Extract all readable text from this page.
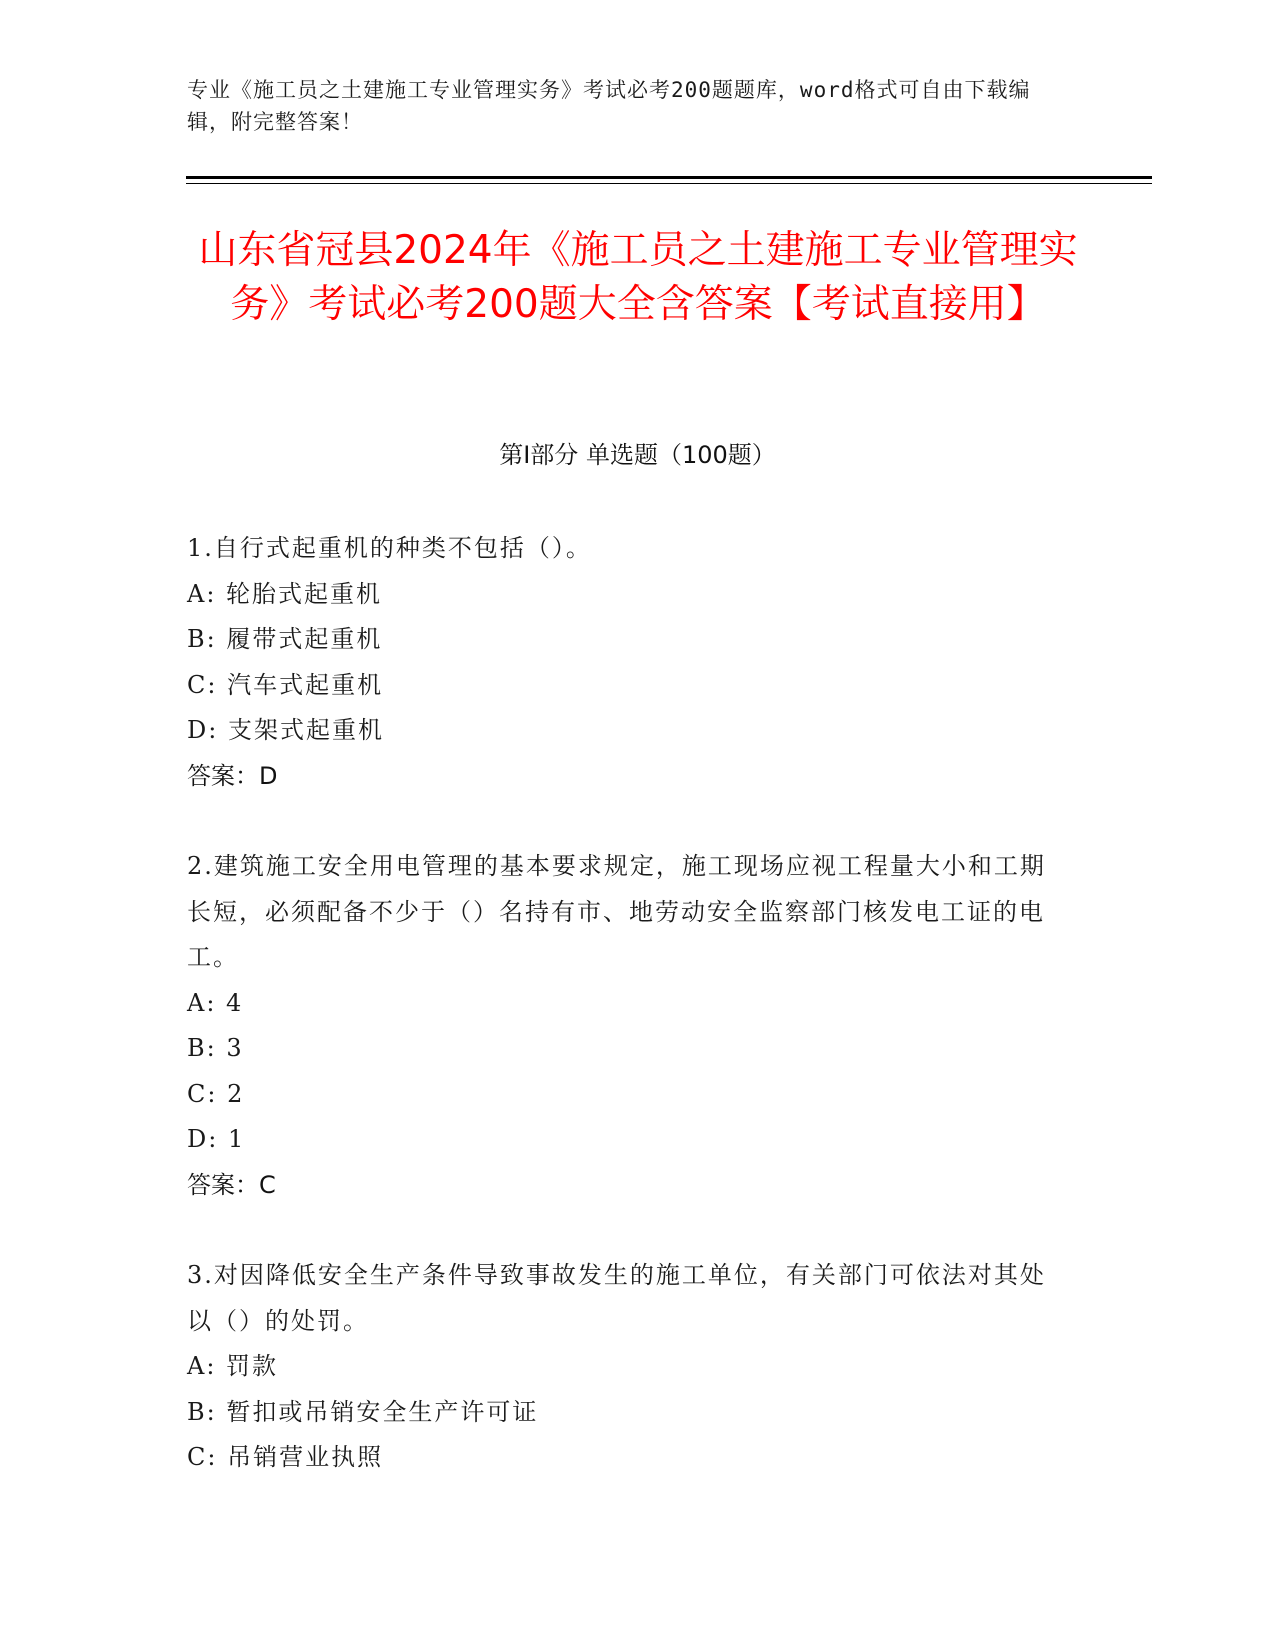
专业《施工员之土建施工专业管理实务》考试必考200题题库，word格式可自由下载编辑，附完整答案！
山东省冠县2024年《施工员之土建施工专业管理实务》考试必考200题大全含答案【考试直接用】
第I部分 单选题（100题）
1.自行式起重机的种类不包括（）。
A: 轮胎式起重机
B: 履带式起重机
C: 汽车式起重机
D: 支架式起重机
答案：D
2.建筑施工安全用电管理的基本要求规定，施工现场应视工程量大小和工期长短，必须配备不少于（）名持有市、地劳动安全监察部门核发电工证的电工。
A: 4
B: 3
C: 2
D: 1
答案：C
3.对因降低安全生产条件导致事故发生的施工单位，有关部门可依法对其处以（）的处罚。
A: 罚款
B: 暂扣或吊销安全生产许可证
C: 吊销营业执照
